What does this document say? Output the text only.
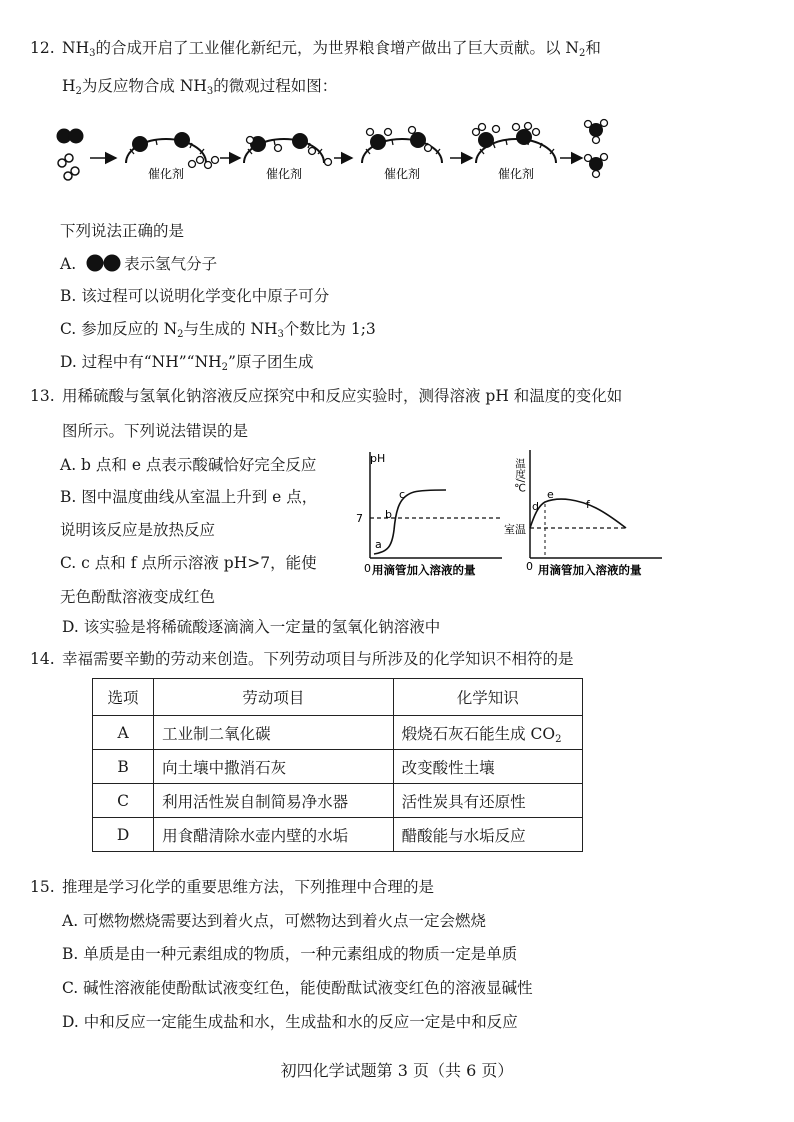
12. $NH_3$的合成开启了工业催化新纪元，为世界粮食增产做出了巨大贡献。以 $N_2$和
$H_2$为反应物合成 $NH_3$的微观过程如图：
催化剂	催化剂	催化剂	催化剂
下列说法正确的是
A.	表示氢气分子
B. 该过程可以说明化学变化中原子可分
C. 参加反应的 $N_2$与生成的 $NH_3$个数比为 1;3
D. 过程中有“$NH”“NH_2$”原子团生成
13. 用稀硫酸与氢氧化钠溶液反应探究中和反应实验时，测得溶液 pH 和温度的变化如
图所示。下列说法错误的是
A. b 点和 e 点表示酸碱恰好完全反应
B. 图中温度曲线从室温上升到 e 点，
说明该反应是放热反应
C. c 点和 f 点所示溶液 pH>7，能使
无色酚酞溶液变成红色
D. 该实验是将稀硫酸逐滴滴入一定量的氢氧化钠溶液中
pH
7
0 用滴管加入溶液的量
a
b
c	温度/℃
室温
0 用滴管加入溶液的量
d
e
f
14. 幸福需要辛勤的劳动来创造。下列劳动项目与所涉及的化学知识不相符的是
选项	劳动项目	化学知识
A	工业制二氧化碳	煅烧石灰石能生成 $CO_2$
B	向土壤中撒消石灰	改变酸性土壤
C	利用活性炭自制简易净水器	活性炭具有还原性
D	用食醋清除水壶内壁的水垢	醋酸能与水垢反应
15. 推理是学习化学的重要思维方法，下列推理中合理的是
A. 可燃物燃烧需要达到着火点，可燃物达到着火点一定会燃烧
B. 单质是由一种元素组成的物质，一种元素组成的物质一定是单质
C. 碱性溶液能使酚酞试液变红色，能使酚酞试液变红色的溶液显碱性
D. 中和反应一定能生成盐和水，生成盐和水的反应一定是中和反应
初四化学试题第 3 页（共 6 页）
